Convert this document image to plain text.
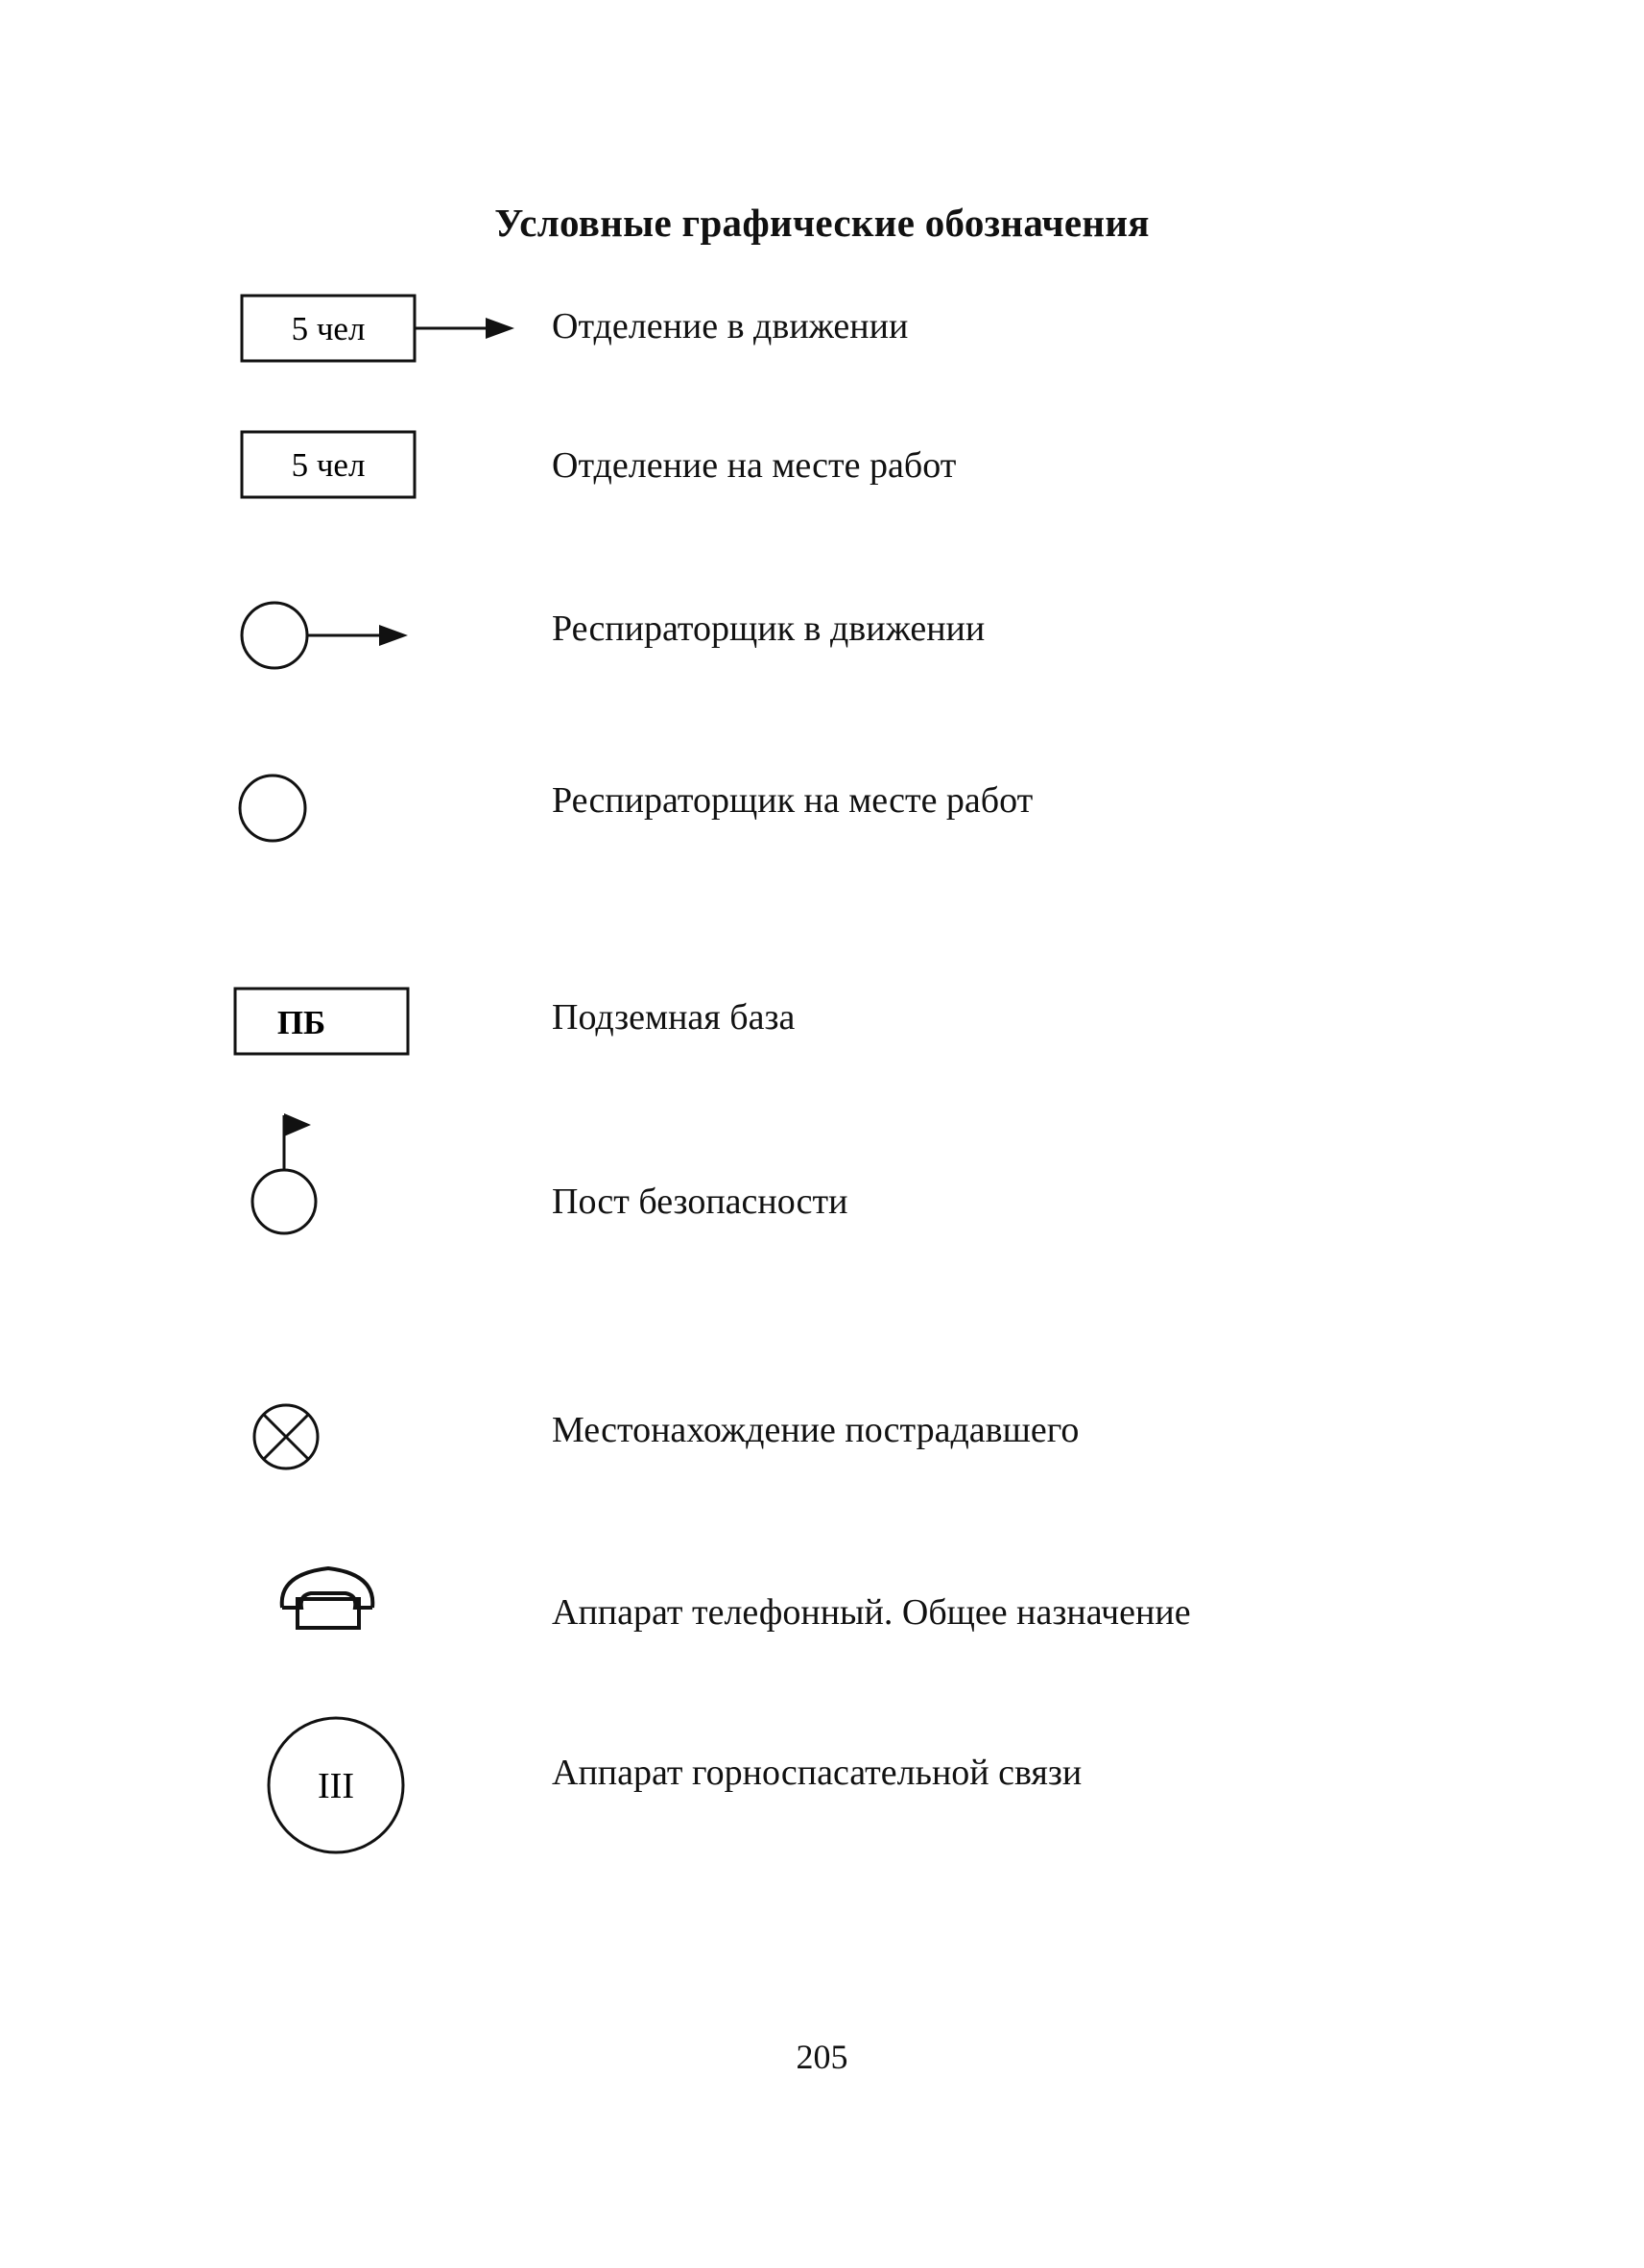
Условные графические обозначения
5 чел	Отделение в движении
5 чел	Отделение на месте работ
Респираторщик в движении
Респираторщик на месте работ
ПБ	Подземная база
Пост безопасности
Местонахождение пострадавшего
Аппарат телефонный. Общее назначение
III	Аппарат горноспасательной связи
205
